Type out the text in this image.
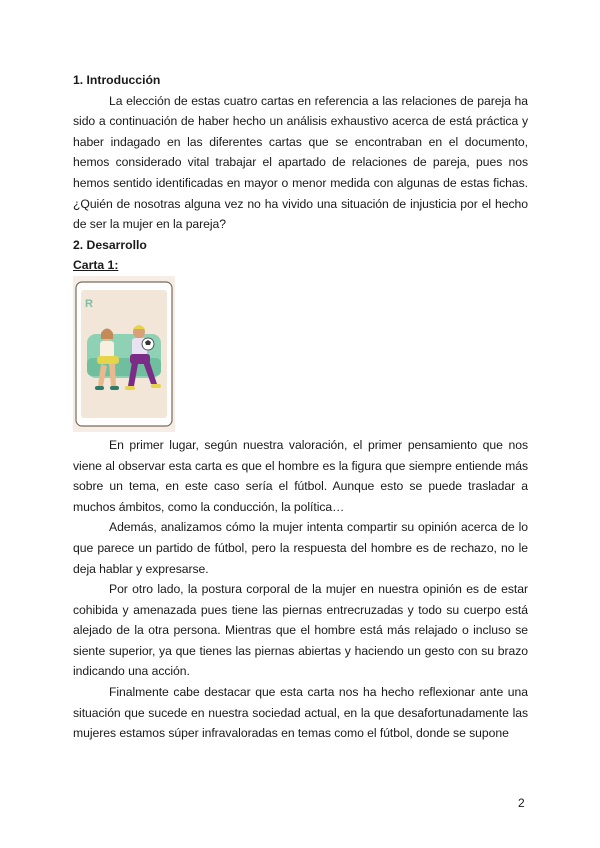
1. Introducción

La elección de estas cuatro cartas en referencia a las relaciones de pareja ha sido a continuación de haber hecho un análisis exhaustivo acerca de está práctica y haber indagado en las diferentes cartas que se encontraban en el documento, hemos considerado vital trabajar el apartado de relaciones de pareja, pues nos hemos sentido identificadas en mayor o menor medida con algunas de estas fichas. ¿Quién de nosotras alguna vez no ha vivido una situación de injusticia por el hecho de ser la mujer en la pareja?

2. Desarrollo

Carta 1:

R

En primer lugar, según nuestra valoración, el primer pensamiento que nos viene al observar esta carta es que el hombre es la figura que siempre entiende más sobre un tema, en este caso sería el fútbol. Aunque esto se puede trasladar a muchos ámbitos, como la conducción, la política…

Además, analizamos cómo la mujer intenta compartir su opinión acerca de lo que parece un partido de fútbol, pero la respuesta del hombre es de rechazo, no le deja hablar y expresarse.

Por otro lado, la postura corporal de la mujer en nuestra opinión es de estar cohibida y amenazada pues tiene las piernas entrecruzadas y todo su cuerpo está alejado de la otra persona. Mientras que el hombre está más relajado o incluso se siente superior, ya que tienes las piernas abiertas y haciendo un gesto con su brazo indicando una acción.

Finalmente cabe destacar que esta carta nos ha hecho reflexionar ante una situación que sucede en nuestra sociedad actual, en la que desafortunadamente las mujeres estamos súper infravaloradas en temas como el fútbol, donde se supone

2
